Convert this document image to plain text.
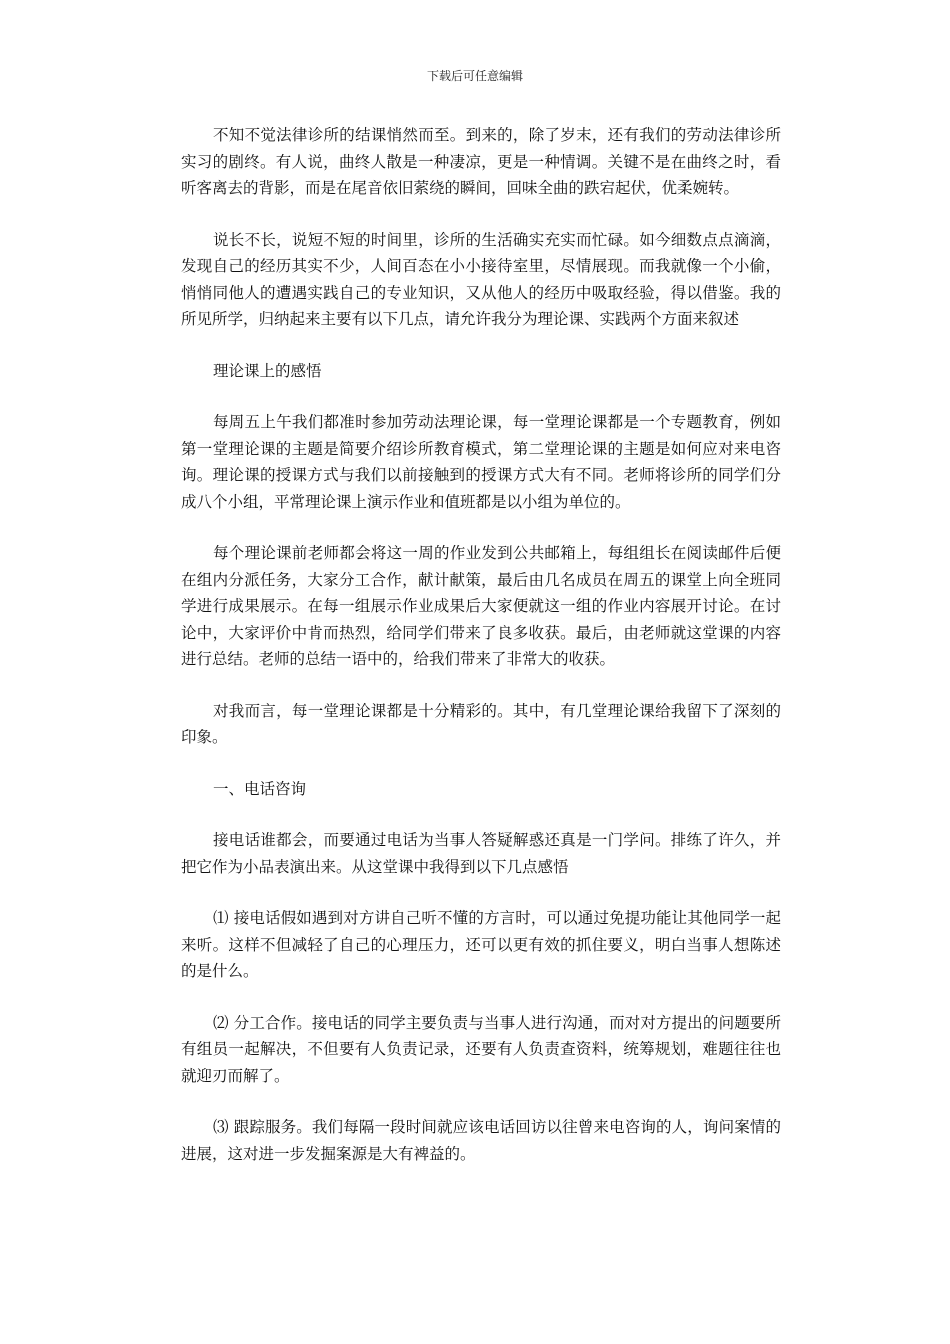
下载后可任意编辑

不知不觉法律诊所的结课悄然而至。到来的，除了岁末，还有我们的劳动法律诊所实习的剧终。有人说，曲终人散是一种凄凉，更是一种情调。关键不是在曲终之时，看听客离去的背影，而是在尾音依旧萦绕的瞬间，回味全曲的跌宕起伏，优柔婉转。

说长不长，说短不短的时间里，诊所的生活确实充实而忙碌。如今细数点点滴滴，发现自己的经历其实不少，人间百态在小小接待室里，尽情展现。而我就像一个小偷，悄悄同他人的遭遇实践自己的专业知识，又从他人的经历中吸取经验，得以借鉴。我的所见所学，归纳起来主要有以下几点，请允许我分为理论课、实践两个方面来叙述

理论课上的感悟

每周五上午我们都准时参加劳动法理论课，每一堂理论课都是一个专题教育，例如第一堂理论课的主题是简要介绍诊所教育模式，第二堂理论课的主题是如何应对来电咨询。理论课的授课方式与我们以前接触到的授课方式大有不同。老师将诊所的同学们分成八个小组，平常理论课上演示作业和值班都是以小组为单位的。

每个理论课前老师都会将这一周的作业发到公共邮箱上，每组组长在阅读邮件后便在组内分派任务，大家分工合作，献计献策，最后由几名成员在周五的课堂上向全班同学进行成果展示。在每一组展示作业成果后大家便就这一组的作业内容展开讨论。在讨论中，大家评价中肯而热烈，给同学们带来了良多收获。最后，由老师就这堂课的内容进行总结。老师的总结一语中的，给我们带来了非常大的收获。

对我而言，每一堂理论课都是十分精彩的。其中，有几堂理论课给我留下了深刻的印象。

一、电话咨询

接电话谁都会，而要通过电话为当事人答疑解惑还真是一门学问。排练了许久，并把它作为小品表演出来。从这堂课中我得到以下几点感悟

⑴ 接电话假如遇到对方讲自己听不懂的方言时，可以通过免提功能让其他同学一起来听。这样不但减轻了自己的心理压力，还可以更有效的抓住要义，明白当事人想陈述的是什么。

⑵ 分工合作。接电话的同学主要负责与当事人进行沟通，而对对方提出的问题要所有组员一起解决，不但要有人负责记录，还要有人负责查资料，统筹规划，难题往往也就迎刃而解了。

⑶ 跟踪服务。我们每隔一段时间就应该电话回访以往曾来电咨询的人，询问案情的进展，这对进一步发掘案源是大有裨益的。
